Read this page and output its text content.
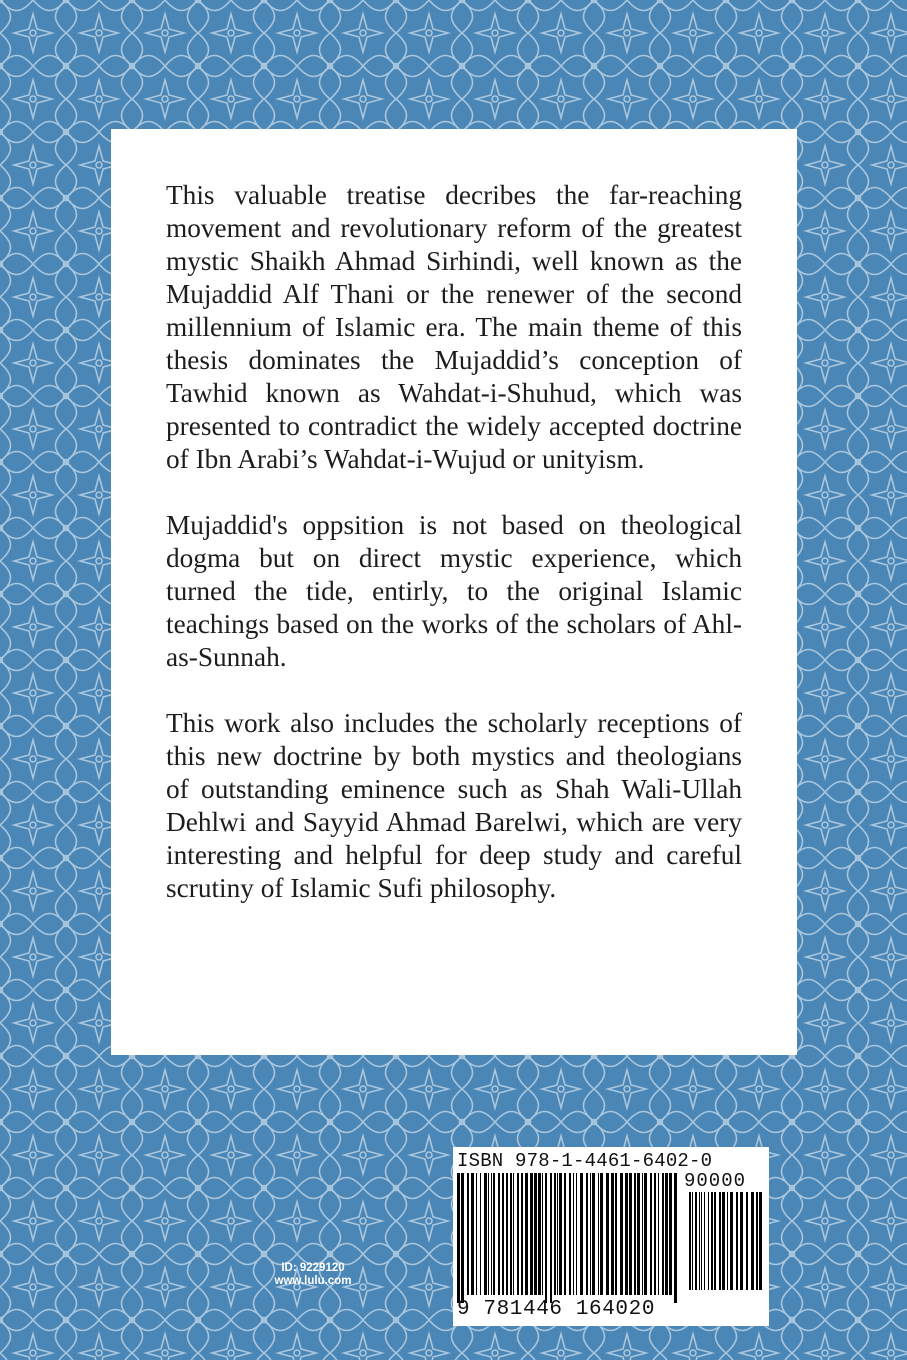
This valuable treatise decribes the far-reaching movement and revolutionary reform of the greatest mystic Shaikh Ahmad Sirhindi, well known as the Mujaddid Alf Thani or the renewer of the second millennium of Islamic era. The main theme of this thesis dominates the Mujaddid’s conception of Tawhid known as Wahdat-i-Shuhud, which was presented to contradict the widely accepted doctrine of Ibn Arabi’s Wahdat-i-Wujud or unityism.

Mujaddid's oppsition is not based on theological dogma but on direct mystic experience, which turned the tide, entirly, to the original Islamic teachings based on the works of the scholars of Ahl-as-Sunnah.

This work also includes the scholarly receptions of this new doctrine by both mystics and theologians of outstanding eminence such as Shah Wali-Ullah Dehlwi and Sayyid Ahmad Barelwi, which are very interesting and helpful for deep study and careful scrutiny of Islamic Sufi philosophy.

ID: 9229120
www.lulu.com
ISBN 978-1-4461-6402-0
90000
9 781446 164020
